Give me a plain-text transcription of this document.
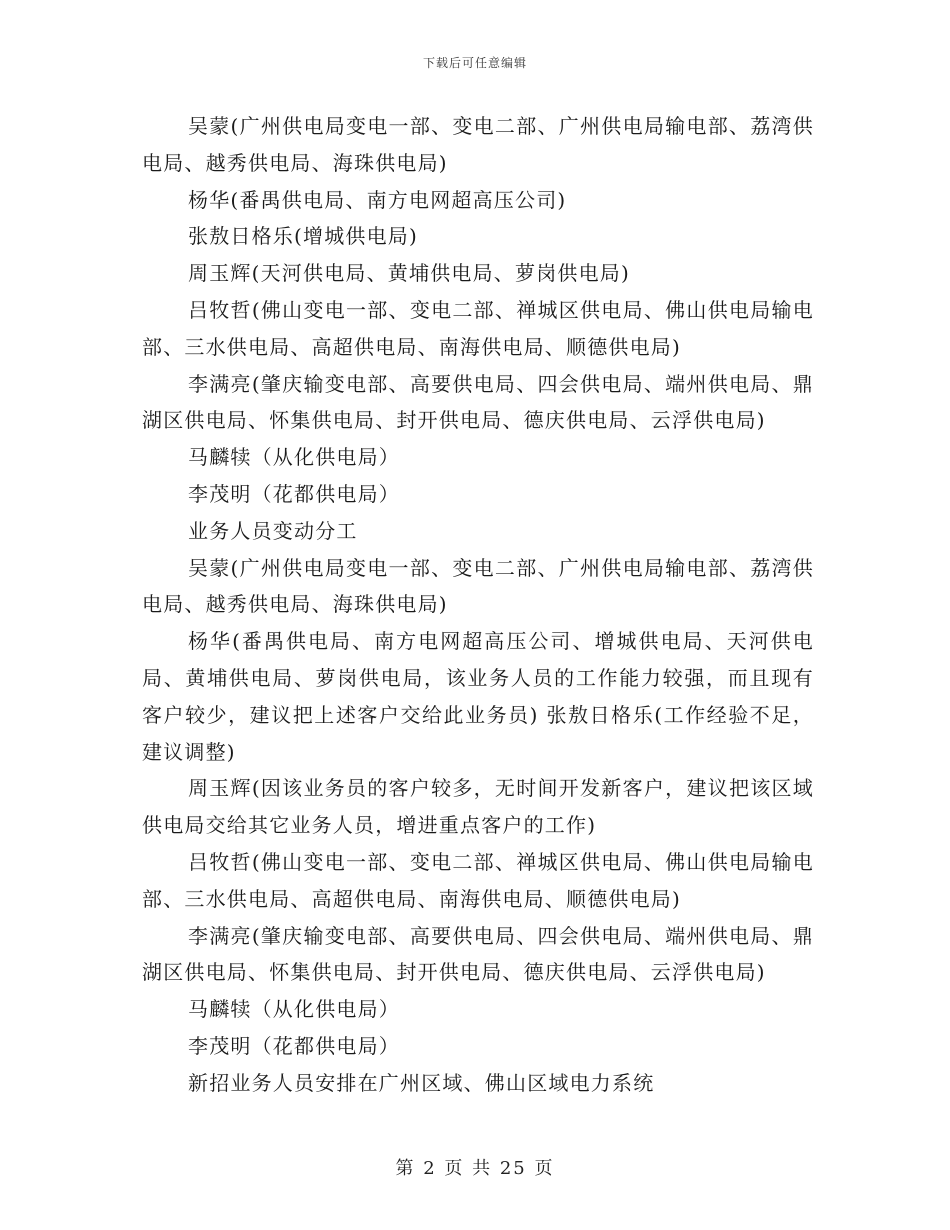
下载后可任意编辑

吴蒙(广州供电局变电一部、变电二部、广州供电局输电部、荔湾供电局、越秀供电局、海珠供电局)

杨华(番禺供电局、南方电网超高压公司)

张敖日格乐(增城供电局)

周玉辉(天河供电局、黄埔供电局、萝岗供电局)

吕牧哲(佛山变电一部、变电二部、禅城区供电局、佛山供电局输电部、三水供电局、高超供电局、南海供电局、顺德供电局)

李满亮(肇庆输变电部、高要供电局、四会供电局、端州供电局、鼎湖区供电局、怀集供电局、封开供电局、德庆供电局、云浮供电局)

马麟犊（从化供电局）

李茂明（花都供电局）

业务人员变动分工

吴蒙(广州供电局变电一部、变电二部、广州供电局输电部、荔湾供电局、越秀供电局、海珠供电局)

杨华(番禺供电局、南方电网超高压公司、增城供电局、天河供电局、黄埔供电局、萝岗供电局，该业务人员的工作能力较强，而且现有客户较少，建议把上述客户交给此业务员) 张敖日格乐(工作经验不足，建议调整)

周玉辉(因该业务员的客户较多，无时间开发新客户，建议把该区域供电局交给其它业务人员，增进重点客户的工作)

吕牧哲(佛山变电一部、变电二部、禅城区供电局、佛山供电局输电部、三水供电局、高超供电局、南海供电局、顺德供电局)

李满亮(肇庆输变电部、高要供电局、四会供电局、端州供电局、鼎湖区供电局、怀集供电局、封开供电局、德庆供电局、云浮供电局)

马麟犊（从化供电局）

李茂明（花都供电局）

新招业务人员安排在广州区域、佛山区域电力系统

第 2 页 共 25 页
